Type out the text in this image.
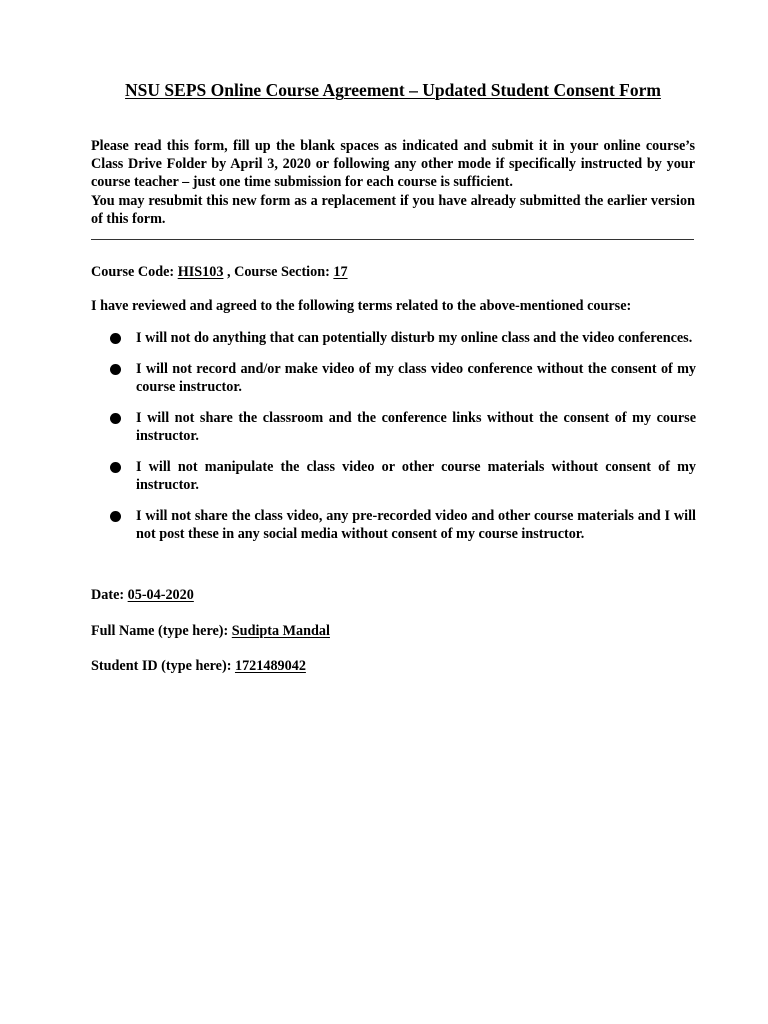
NSU SEPS Online Course Agreement – Updated Student Consent Form

Please read this form, fill up the blank spaces as indicated and submit it in your online course’s Class Drive Folder by April 3, 2020 or following any other mode if specifically instructed by your course teacher – just one time submission for each course is sufficient.

You may resubmit this new form as a replacement if you have already submitted the earlier version of this form.

Course Code: HIS103 , Course Section: 17

I have reviewed and agreed to the following terms related to the above-mentioned course:

I will not do anything that can potentially disturb my online class and the video conferences.
I will not record and/or make video of my class video conference without the consent of my course instructor.
I will not share the classroom and the conference links without the consent of my course instructor.
I will not manipulate the class video or other course materials without consent of my instructor.
I will not share the class video, any pre-recorded video and other course materials and I will not post these in any social media without consent of my course instructor.

Date: 05-04-2020

Full Name (type here): Sudipta Mandal

Student ID (type here): 1721489042
